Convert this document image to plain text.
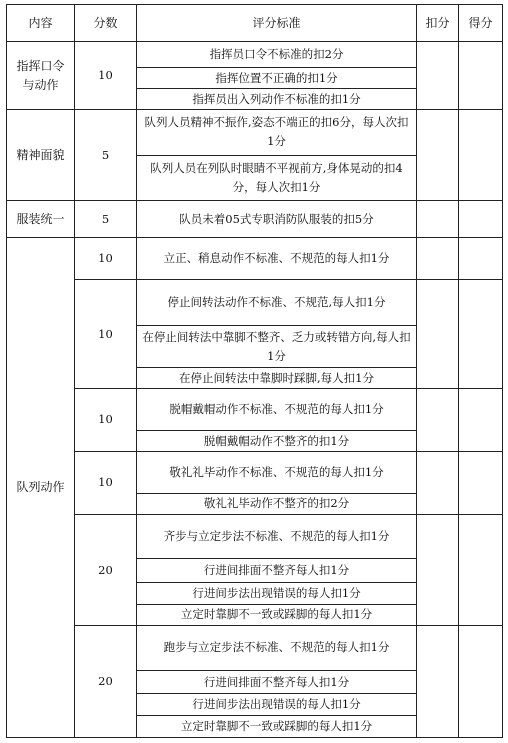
内容	分数	评分标准	扣分	得分
指挥口令与动作	10	指挥员口令不标准的扣2分		
		指挥位置不正确的扣1分		
		指挥员出入列动作不标准的扣1分		
精神面貌	5	队列人员精神不振作,姿态不端正的扣6分，每人次扣1分		
		队列人员在列队时眼睛不平视前方,身体晃动的扣4分，每人次扣1分		
服装统一	5	队员未着05式专职消防队服装的扣5分		
队列动作	10	立正、稍息动作不标准、不规范的每人扣1分		
	10	停止间转法动作不标准、不规范,每人扣1分		
		在停止间转法中靠脚不整齐、乏力或转错方向,每人扣1分		
		在停止间转法中靠脚时踩脚,每人扣1分		
	10	脱帽戴帽动作不标准、不规范的每人扣1分		
		脱帽戴帽动作不整齐的扣1分		
	10	敬礼礼毕动作不标准、不规范的每人扣1分		
		敬礼礼毕动作不整齐的扣2分		
	20	齐步与立定步法不标准、不规范的每人扣1分		
		行进间排面不整齐每人扣1分		
		行进间步法出现错误的每人扣1分		
		立定时靠脚不一致或踩脚的每人扣1分		
	20	跑步与立定步法不标准、不规范的每人扣1分		
		行进间排面不整齐每人扣1分		
		行进间步法出现错误的每人扣1分		
		立定时靠脚不一致或踩脚的每人扣1分		
